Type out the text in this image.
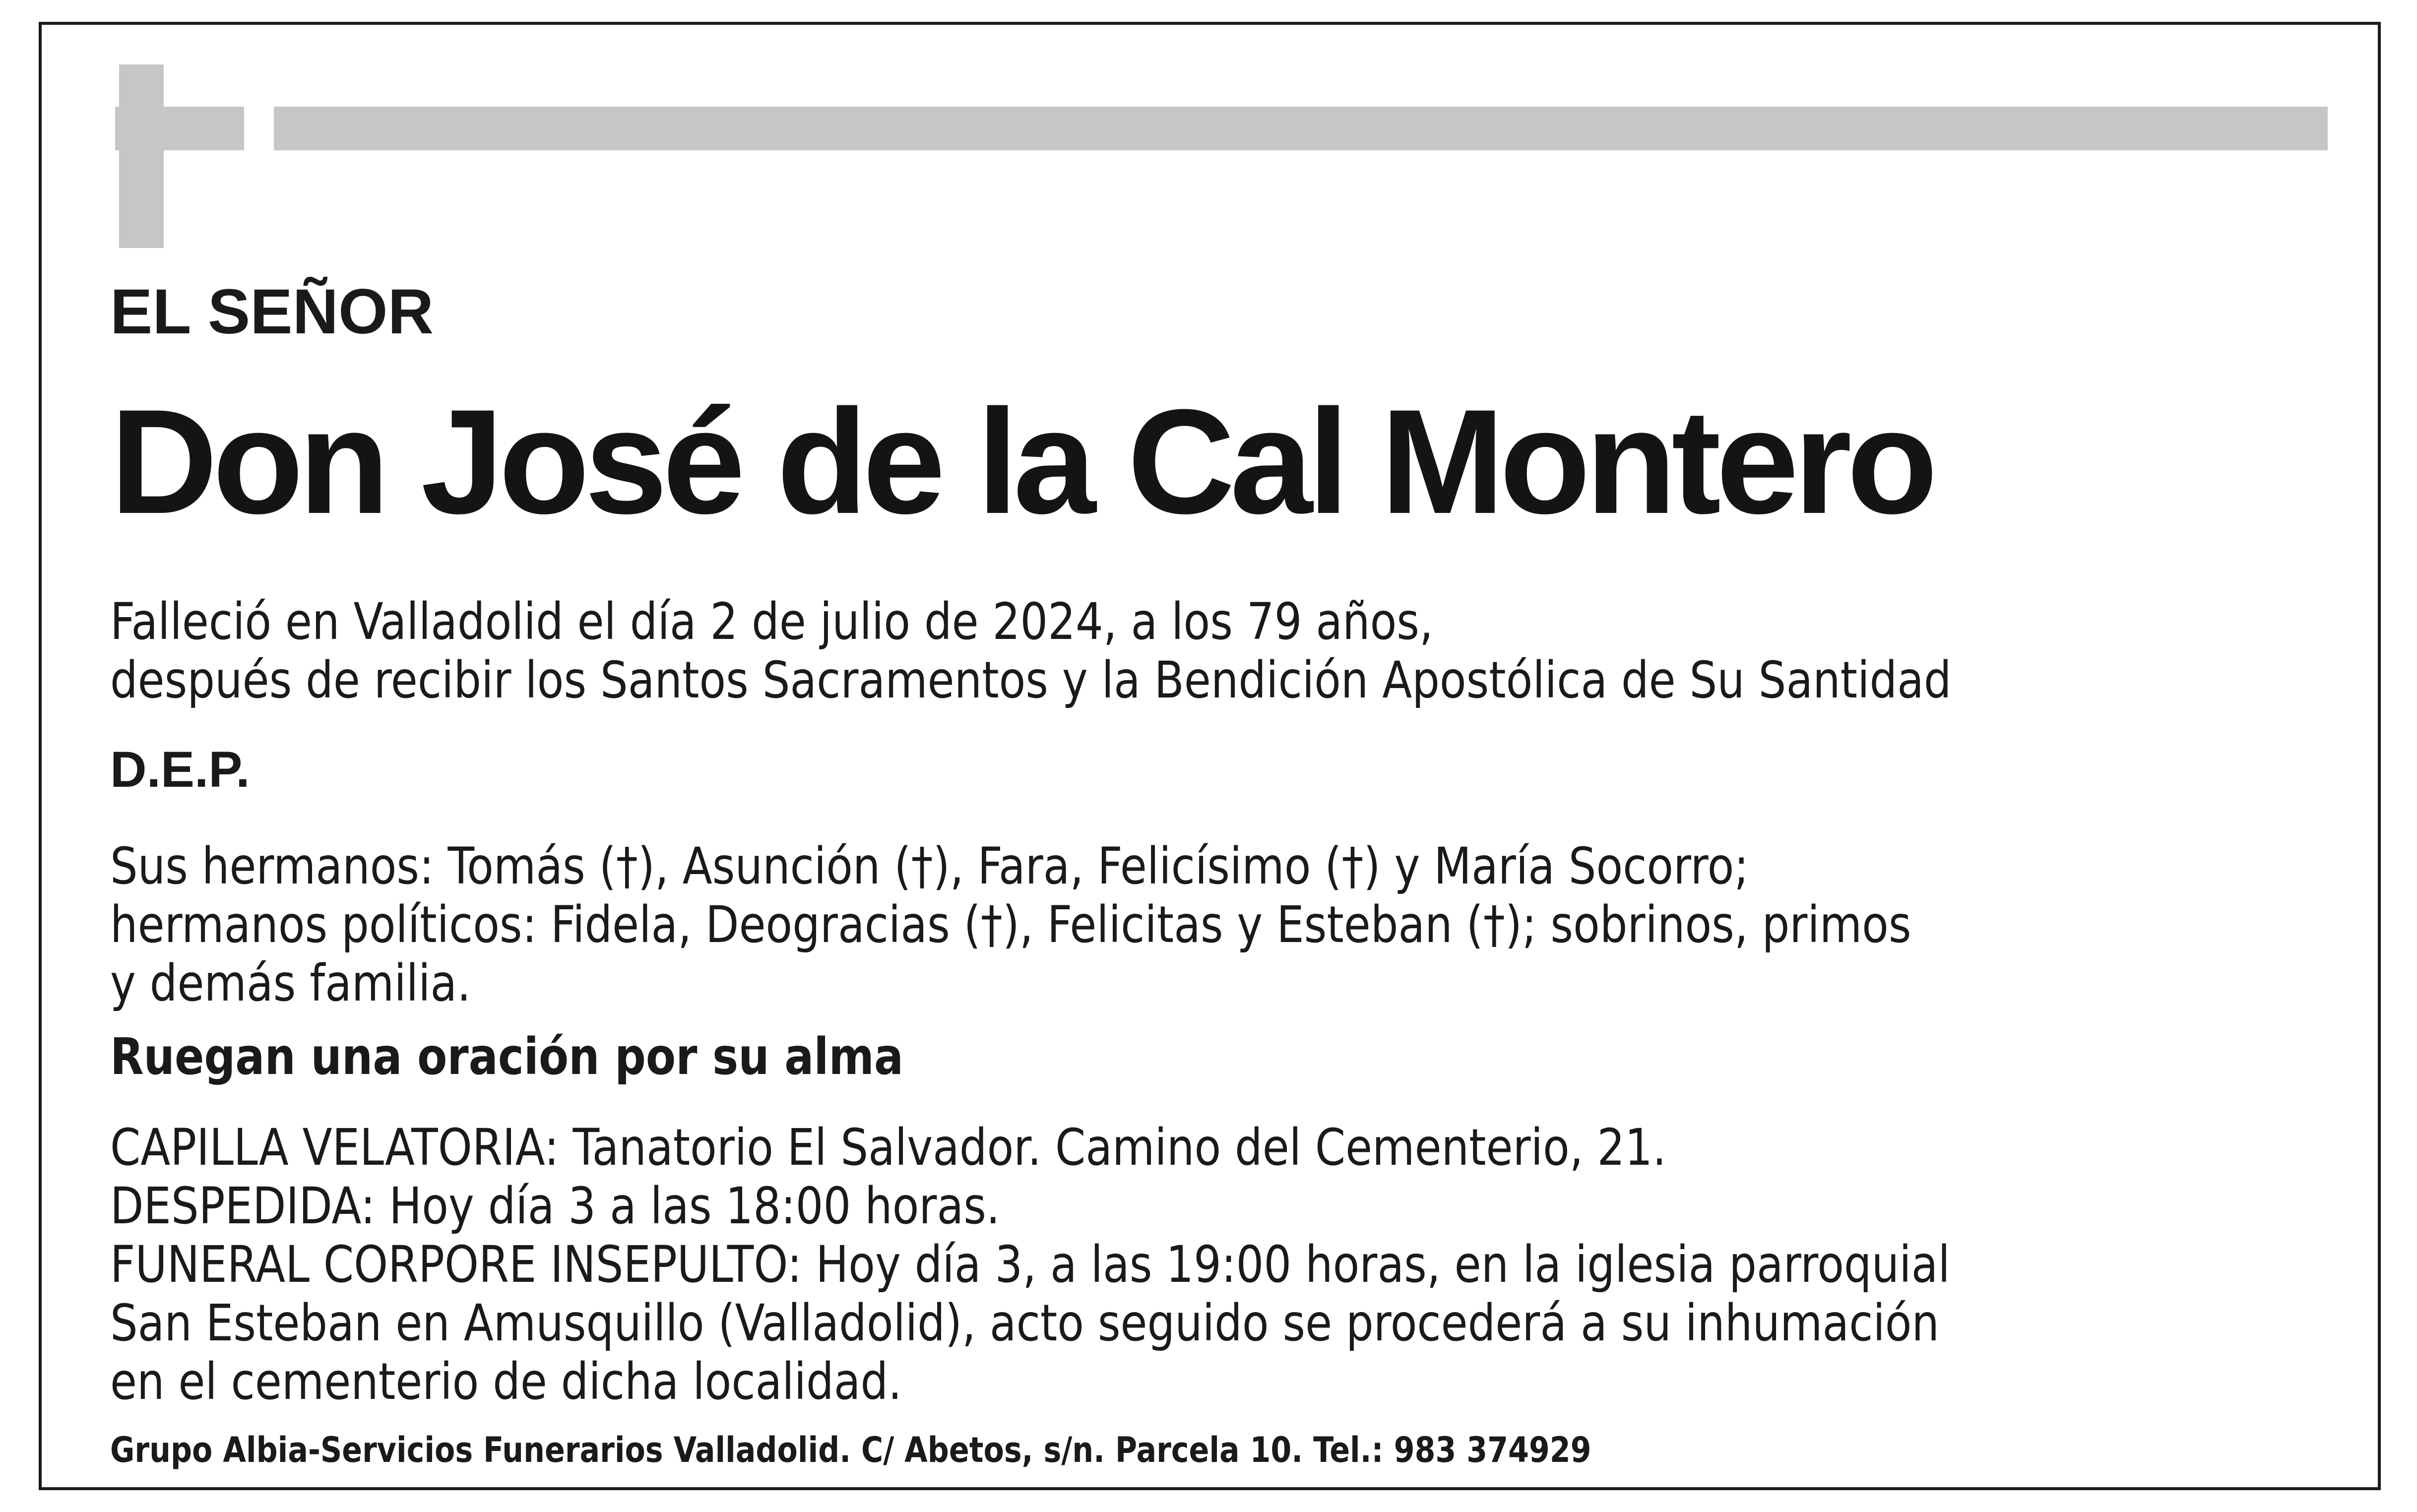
EL SEÑOR

Don José de la Cal Montero
Falleció en Valladolid el día 2 de julio de 2024, a los 79 años,
después de recibir los Santos Sacramentos y la Bendición Apostólica de Su Santidad

D.E.P.

Sus hermanos: Tomás (†), Asunción (†), Fara, Felicísimo (†) y María Socorro;
hermanos políticos: Fidela, Deogracias (†), Felicitas y Esteban (†); sobrinos, primos
y demás familia.

Ruegan una oración por su alma

CAPILLA VELATORIA: Tanatorio El Salvador. Camino del Cementerio, 21.
DESPEDIDA: Hoy día 3 a las 18:00 horas.
FUNERAL CORPORE INSEPULTO: Hoy día 3, a las 19:00 horas, en la iglesia parroquial
San Esteban en Amusquillo (Valladolid), acto seguido se procederá a su inhumación
en el cementerio de dicha localidad.

Grupo Albia-Servicios Funerarios Valladolid. C/ Abetos, s/n. Parcela 10. Tel.: 983 374929
